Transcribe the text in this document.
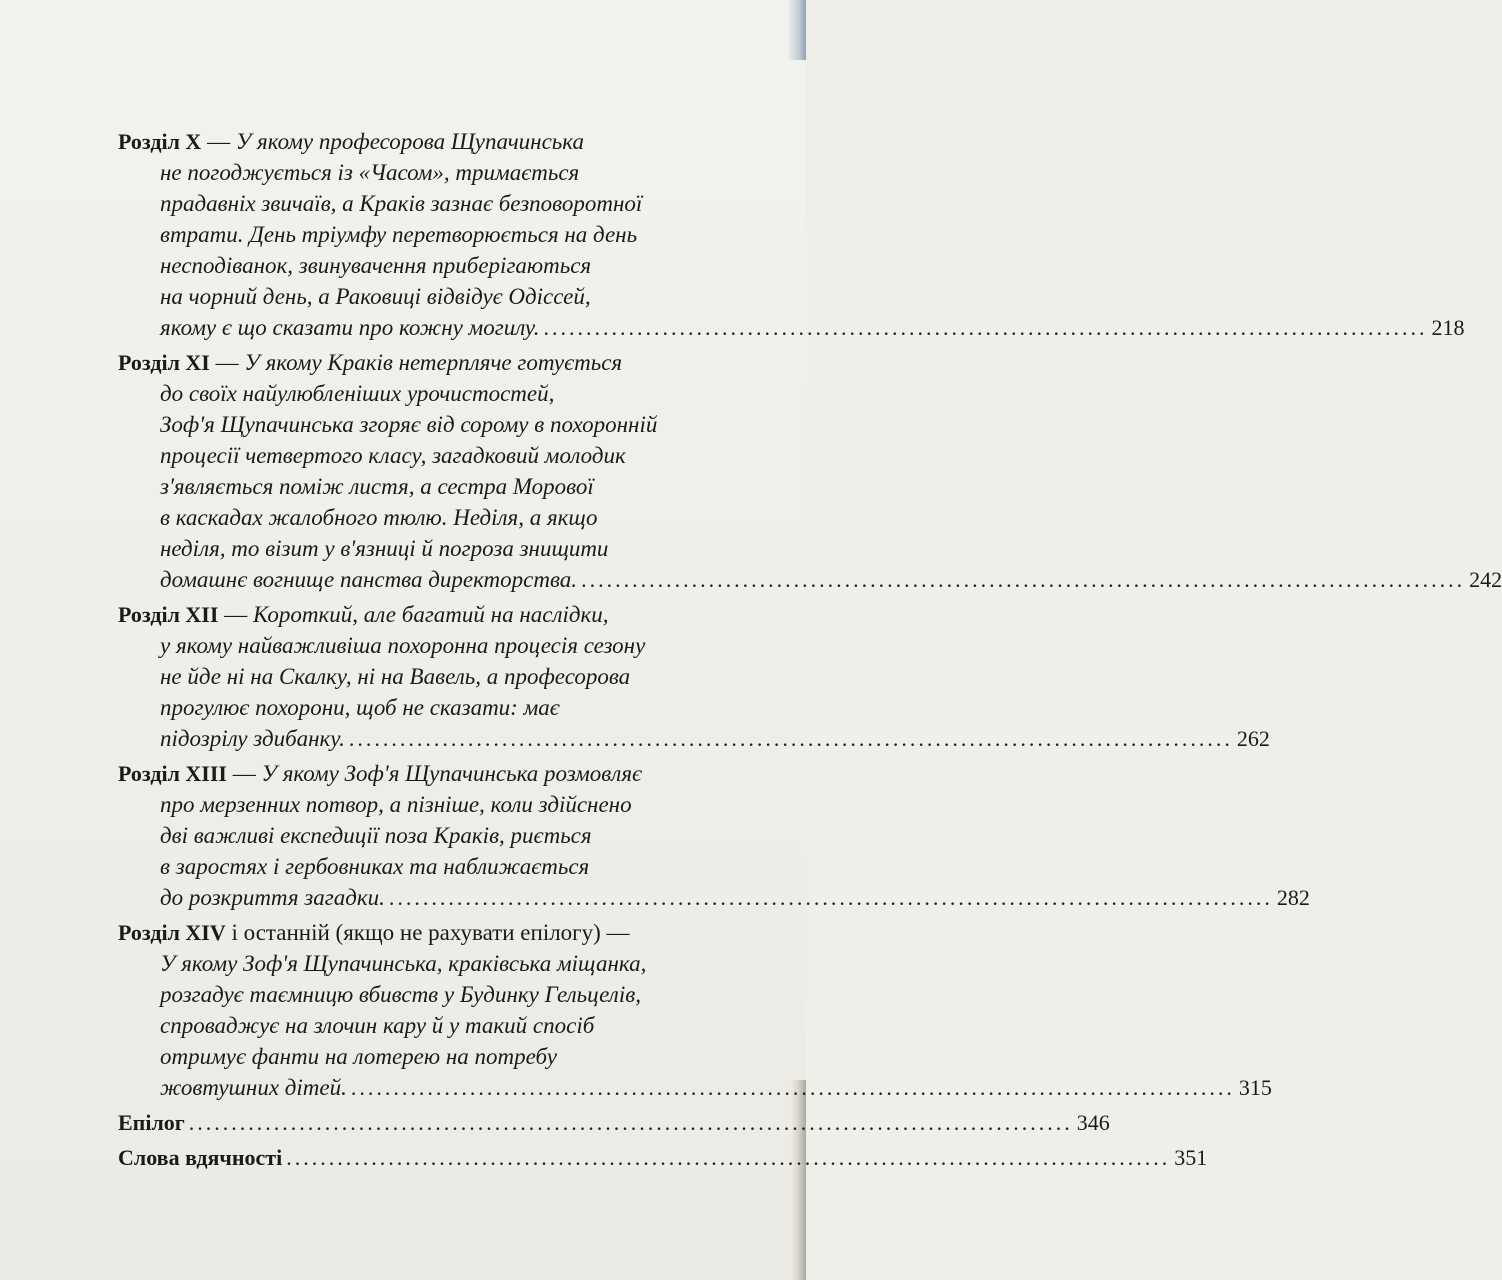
Розділ X — У якому професорова Щупачинська
не погоджується із «Часом», тримається
прадавніх звичаїв, а Краків зазнає безповоротної
втрати. День тріумфу перетворюється на день
несподіванок, звинувачення приберігаються
на чорний день, а Раковиці відвідує Одіссей,
якому є що сказати про кожну могилу. ........................................................................................................ 218
Розділ XI — У якому Краків нетерпляче готується
до своїх найулюбленіших урочистостей,
Зоф'я Щупачинська згоряє від сорому в похоронній
процесії четвертого класу, загадковий молодик
з'являється поміж листя, а сестра Морової
в каскадах жалобного тюлю. Неділя, а якщо
неділя, то візит у в'язниці й погроза знищити
домашнє вогнище панства директорства. ........................................................................................................ 242
Розділ XII — Короткий, але багатий на наслідки,
у якому найважливіша похоронна процесія сезону
не йде ні на Скалку, ні на Вавель, а професорова
прогулює похорони, щоб не сказати: має
підозрілу здибанку. ........................................................................................................ 262
Розділ XIII — У якому Зоф'я Щупачинська розмовляє
про мерзенних потвор, а пізніше, коли здійснено
дві важливі експедиції поза Краків, риється
в заростях і гербовниках та наближається
до розкриття загадки. ........................................................................................................ 282
Розділ XIV і останній (якщо не рахувати епілогу) —
У якому Зоф'я Щупачинська, краківська міщанка,
розгадує таємницю вбивств у Будинку Гельцелів,
спроваджує на злочин кару й у такий спосіб
отримує фанти на лотерею на потребу
жовтушних дітей. ........................................................................................................ 315
Епілог ........................................................................................................ 346
Слова вдячності ........................................................................................................ 351
